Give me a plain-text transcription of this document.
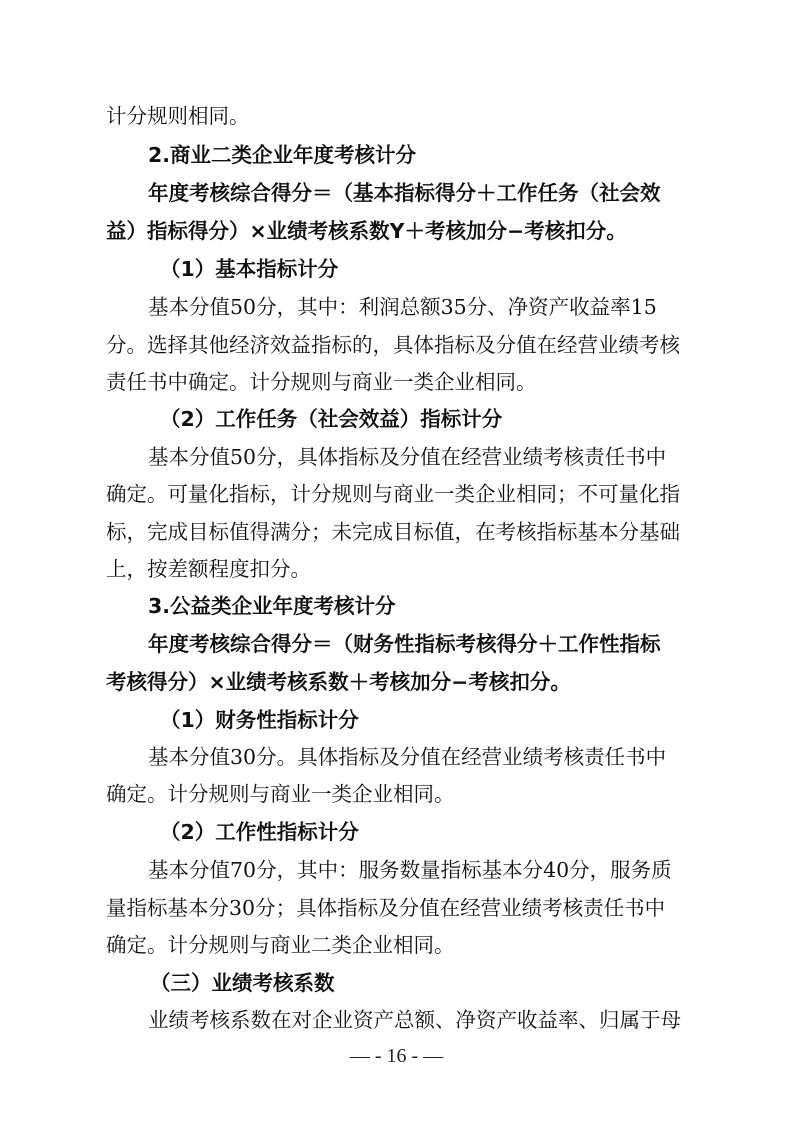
计分规则相同。
2.商业二类企业年度考核计分
年度考核综合得分＝（基本指标得分＋工作任务（社会效
益）指标得分）×业绩考核系数Y＋考核加分−考核扣分。
（1）基本指标计分
基本分值50分，其中：利润总额35分、净资产收益率15
分。选择其他经济效益指标的，具体指标及分值在经营业绩考核
责任书中确定。计分规则与商业一类企业相同。
（2）工作任务（社会效益）指标计分
基本分值50分，具体指标及分值在经营业绩考核责任书中
确定。可量化指标，计分规则与商业一类企业相同；不可量化指
标，完成目标值得满分；未完成目标值，在考核指标基本分基础
上，按差额程度扣分。
3.公益类企业年度考核计分
年度考核综合得分＝（财务性指标考核得分＋工作性指标
考核得分）×业绩考核系数＋考核加分−考核扣分。
（1）财务性指标计分
基本分值30分。具体指标及分值在经营业绩考核责任书中
确定。计分规则与商业一类企业相同。
（2）工作性指标计分
基本分值70分，其中：服务数量指标基本分40分，服务质
量指标基本分30分；具体指标及分值在经营业绩考核责任书中
确定。计分规则与商业二类企业相同。
（三）业绩考核系数
业绩考核系数在对企业资产总额、净资产收益率、归属于母
— - 16 - —
